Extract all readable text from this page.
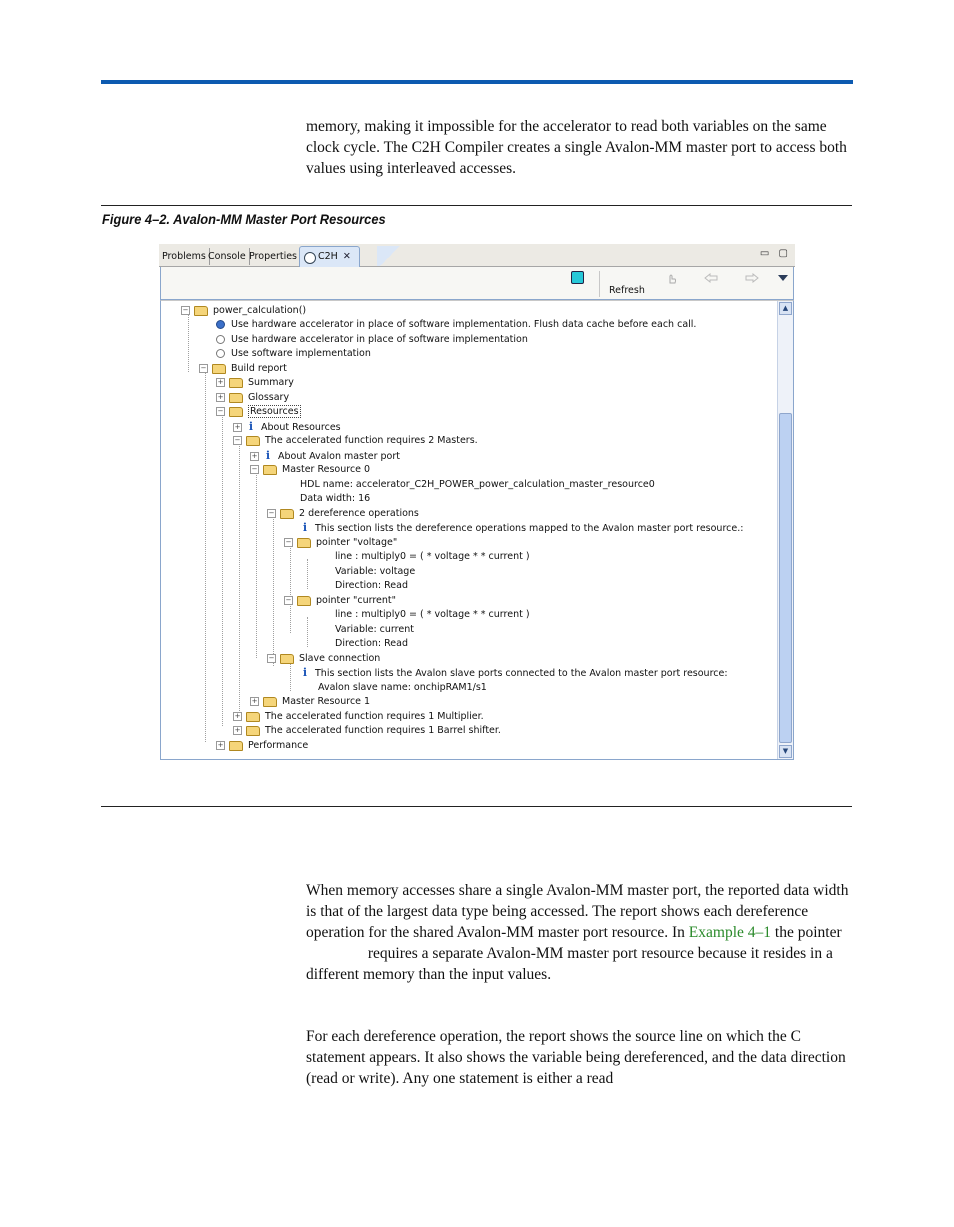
memory, making it impossible for the accelerator to read both variables on the same clock cycle. The C2H Compiler creates a single Avalon-MM master port to access both values using interleaved accesses.

Figure 4–2. Avalon-MM Master Port Resources
Problems Console Properties	C2H ✕	▭ ▢
Refresh
−	power_calculation()
Use hardware accelerator in place of software implementation. Flush data cache before each call.
Use hardware accelerator in place of software implementation
Use software implementation
−	Build report
+	Summary
+	Glossary
−	Resources
+ i About Resources
−	The accelerated function requires 2 Masters.
+ i About Avalon master port
−	Master Resource 0
HDL name: accelerator_C2H_POWER_power_calculation_master_resource0
Data width: 16
−	2 dereference operations
i This section lists the dereference operations mapped to the Avalon master port resource.:
−	pointer "voltage"
line : multiply0 = ( * voltage * * current )
Variable: voltage
Direction: Read
−	pointer "current"
line : multiply0 = ( * voltage * * current )
Variable: current
Direction: Read
−	Slave connection
i This section lists the Avalon slave ports connected to the Avalon master port resource:
Avalon slave name: onchipRAM1/s1
+	Master Resource 1
+	The accelerated function requires 1 Multiplier.
+	The accelerated function requires 1 Barrel shifter.
+	Performance
▲
▼

When memory accesses share a single Avalon-MM master port, the reported data width is that of the largest data type being accessed. The report shows each dereference operation for the shared Avalon-MM master port resource. In Example 4–1 the pointer  requires a separate Avalon-MM master port resource because it resides in a different memory than the input values.

For each dereference operation, the report shows the source line on which the C statement appears. It also shows the variable being dereferenced, and the data direction (read or write). Any one statement is either a read
